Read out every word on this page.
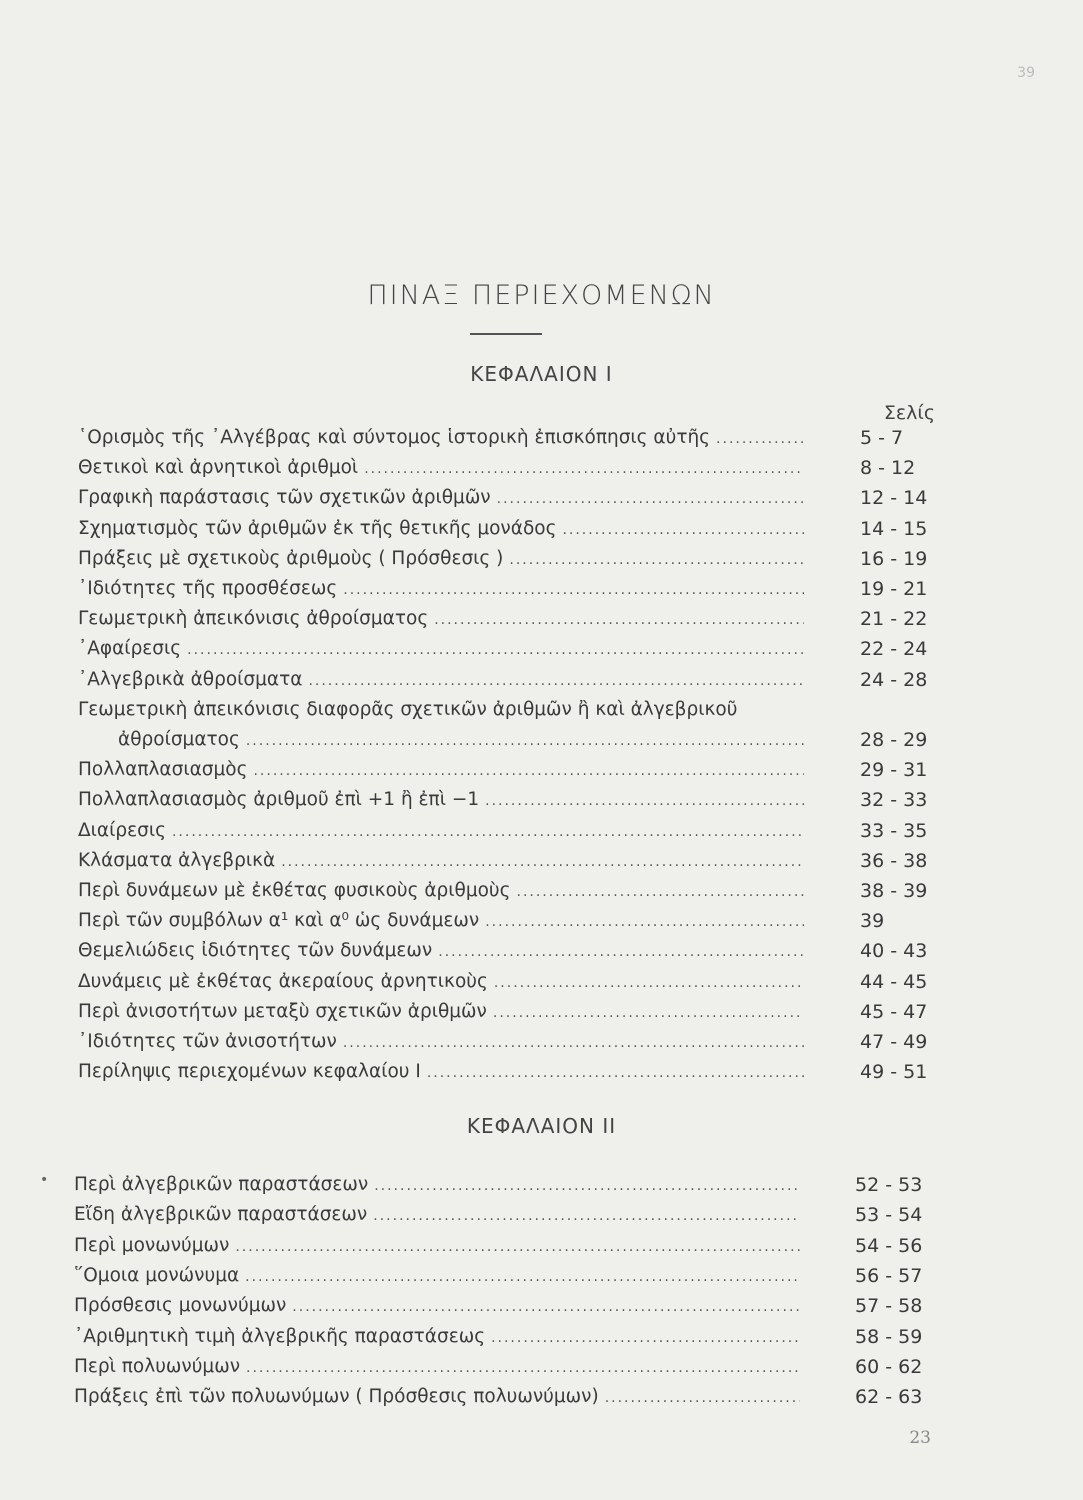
39
ΠΙΝΑΞ ΠΕΡΙΕΧΟΜΕΝΩΝ
ΚΕΦΑΛΑΙΟΝ Ι
Σελίς
῾Ορισμὸς τῆς ᾽Αλγέβρας καὶ σύντομος ἱστορικὴ ἐπισκόπησις αὐτῆς .....	5 - 7
Θετικοὶ καὶ ἀρνητικοὶ ἀριθμοὶ .....	8 - 12
Γραφικὴ παράστασις τῶν σχετικῶν ἀριθμῶν .....	12 - 14
Σχηματισμὸς τῶν ἀριθμῶν ἐκ τῆς θετικῆς μονάδος .....	14 - 15
Πράξεις μὲ σχετικοὺς ἀριθμοὺς ( Πρόσθεσις ) .....	16 - 19
᾽Ιδιότητες τῆς προσθέσεως .....	19 - 21
Γεωμετρικὴ ἀπεικόνισις ἀθροίσματος .....	21 - 22
᾽Αφαίρεσις .....	22 - 24
᾽Αλγεβρικὰ ἀθροίσματα .....	24 - 28
Γεωμετρικὴ ἀπεικόνισις διαφορᾶς σχετικῶν ἀριθμῶν ἢ καὶ ἀλγεβρικοῦ
ἀθροίσματος .....	28 - 29
Πολλαπλασιασμὸς .....	29 - 31
Πολλαπλασιασμὸς ἀριθμοῦ ἐπὶ +1 ἢ ἐπὶ −1 .....	32 - 33
Διαίρεσις .....	33 - 35
Κλάσματα ἀλγεβρικὰ .....	36 - 38
Περὶ δυνάμεων μὲ ἐκθέτας φυσικοὺς ἀριθμοὺς .....	38 - 39
Περὶ τῶν συμβόλων α¹ καὶ α⁰ ὡς δυνάμεων .....	39
Θεμελιώδεις ἰδιότητες τῶν δυνάμεων .....	40 - 43
Δυνάμεις μὲ ἐκθέτας ἀκεραίους ἀρνητικοὺς .....	44 - 45
Περὶ ἀνισοτήτων μεταξὺ σχετικῶν ἀριθμῶν .....	45 - 47
᾽Ιδιότητες τῶν ἀνισοτήτων .....	47 - 49
Περίληψις περιεχομένων κεφαλαίου Ι .....	49 - 51
ΚΕΦΑΛΑΙΟΝ ΙΙ
• Περὶ ἀλγεβρικῶν παραστάσεων .....	52 - 53
Εἴδη ἀλγεβρικῶν παραστάσεων .....	53 - 54
Περὶ μονωνύμων .....	54 - 56
῞Ομοια μονώνυμα .....	56 - 57
Πρόσθεσις μονωνύμων .....	57 - 58
᾽Αριθμητικὴ τιμὴ ἀλγεβρικῆς παραστάσεως .....	58 - 59
Περὶ πολυωνύμων .....	60 - 62
Πράξεις ἐπὶ τῶν πολυωνύμων ( Πρόσθεσις πολυωνύμων) .....	62 - 63
23
